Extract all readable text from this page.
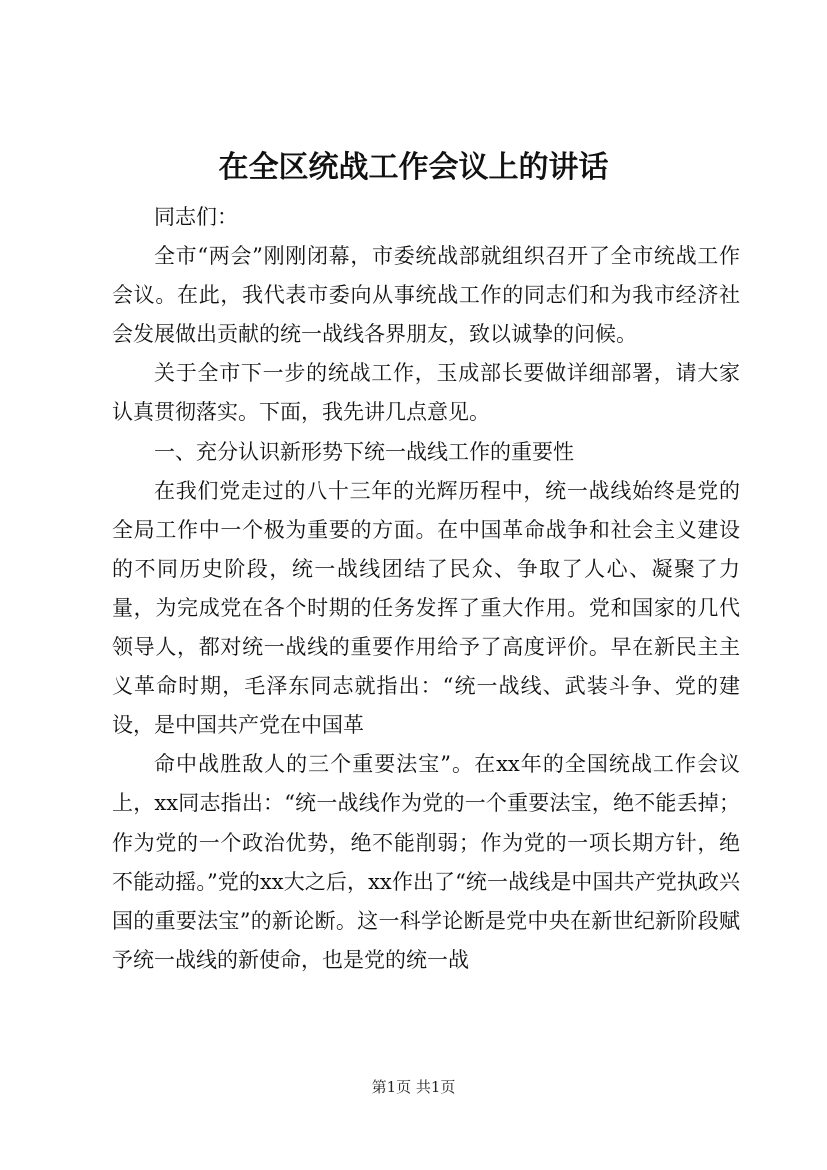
在全区统战工作会议上的讲话

同志们：

全市“两会”刚刚闭幕，市委统战部就组织召开了全市统战工作会议。在此，我代表市委向从事统战工作的同志们和为我市经济社会发展做出贡献的统一战线各界朋友，致以诚挚的问候。

关于全市下一步的统战工作，玉成部长要做详细部署，请大家认真贯彻落实。下面，我先讲几点意见。

一、充分认识新形势下统一战线工作的重要性

在我们党走过的八十三年的光辉历程中，统一战线始终是党的全局工作中一个极为重要的方面。在中国革命战争和社会主义建设的不同历史阶段，统一战线团结了民众、争取了人心、凝聚了力量，为完成党在各个时期的任务发挥了重大作用。党和国家的几代领导人，都对统一战线的重要作用给予了高度评价。早在新民主主义革命时期，毛泽东同志就指出：“统一战线、武装斗争、党的建设，是中国共产党在中国革

命中战胜敌人的三个重要法宝”。在xx年的全国统战工作会议上，xx同志指出：“统一战线作为党的一个重要法宝，绝不能丢掉；作为党的一个政治优势，绝不能削弱；作为党的一项长期方针，绝不能动摇。”党的xx大之后，xx作出了“统一战线是中国共产党执政兴国的重要法宝”的新论断。这一科学论断是党中央在新世纪新阶段赋予统一战线的新使命，也是党的统一战

第1页 共1页
